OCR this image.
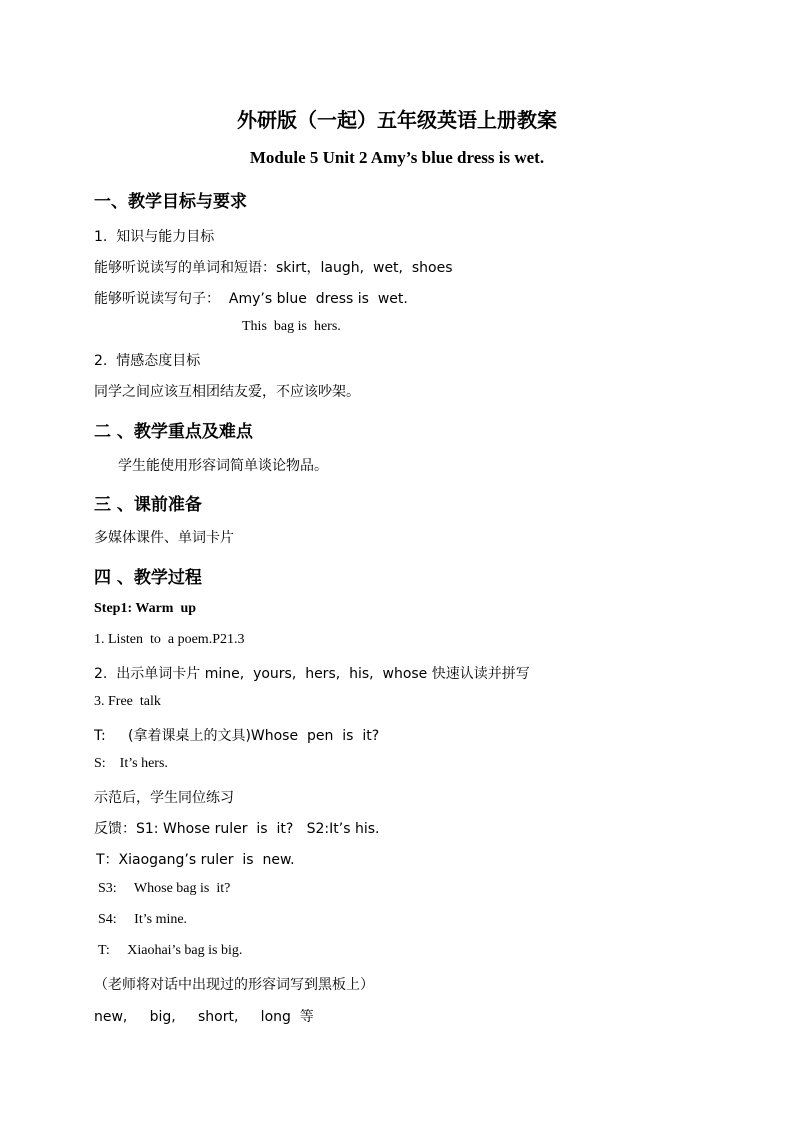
外研版（一起）五年级英语上册教案
Module 5 Unit 2 Amy’s blue dress is wet.
一、教学目标与要求
1.  知识与能力目标
能够听说读写的单词和短语：skirt，laugh,  wet,  shoes
能够听说读写句子：  Amy’s blue  dress is  wet.
This  bag is  hers.
2.  情感态度目标
同学之间应该互相团结友爱，不应该吵架。
二 、教学重点及难点
学生能使用形容词简单谈论物品。
三 、课前准备
多媒体课件、单词卡片
四 、教学过程
Step1: Warm  up
1. Listen  to  a poem.P21.3
2.  出示单词卡片 mine,  yours,  hers,  his,  whose 快速认读并拼写
3. Free  talk
T:     (拿着课桌上的文具)Whose  pen  is  it?
S:    It’s hers.
示范后，学生同位练习
反馈：S1: Whose ruler  is  it?   S2:It’s his.
T：Xiaogang’s ruler  is  new.
S3:     Whose bag is  it?
S4:     It’s mine.
T:     Xiaohai’s bag is big.
（老师将对话中出现过的形容词写到黑板上）
new,     big,     short,     long  等
